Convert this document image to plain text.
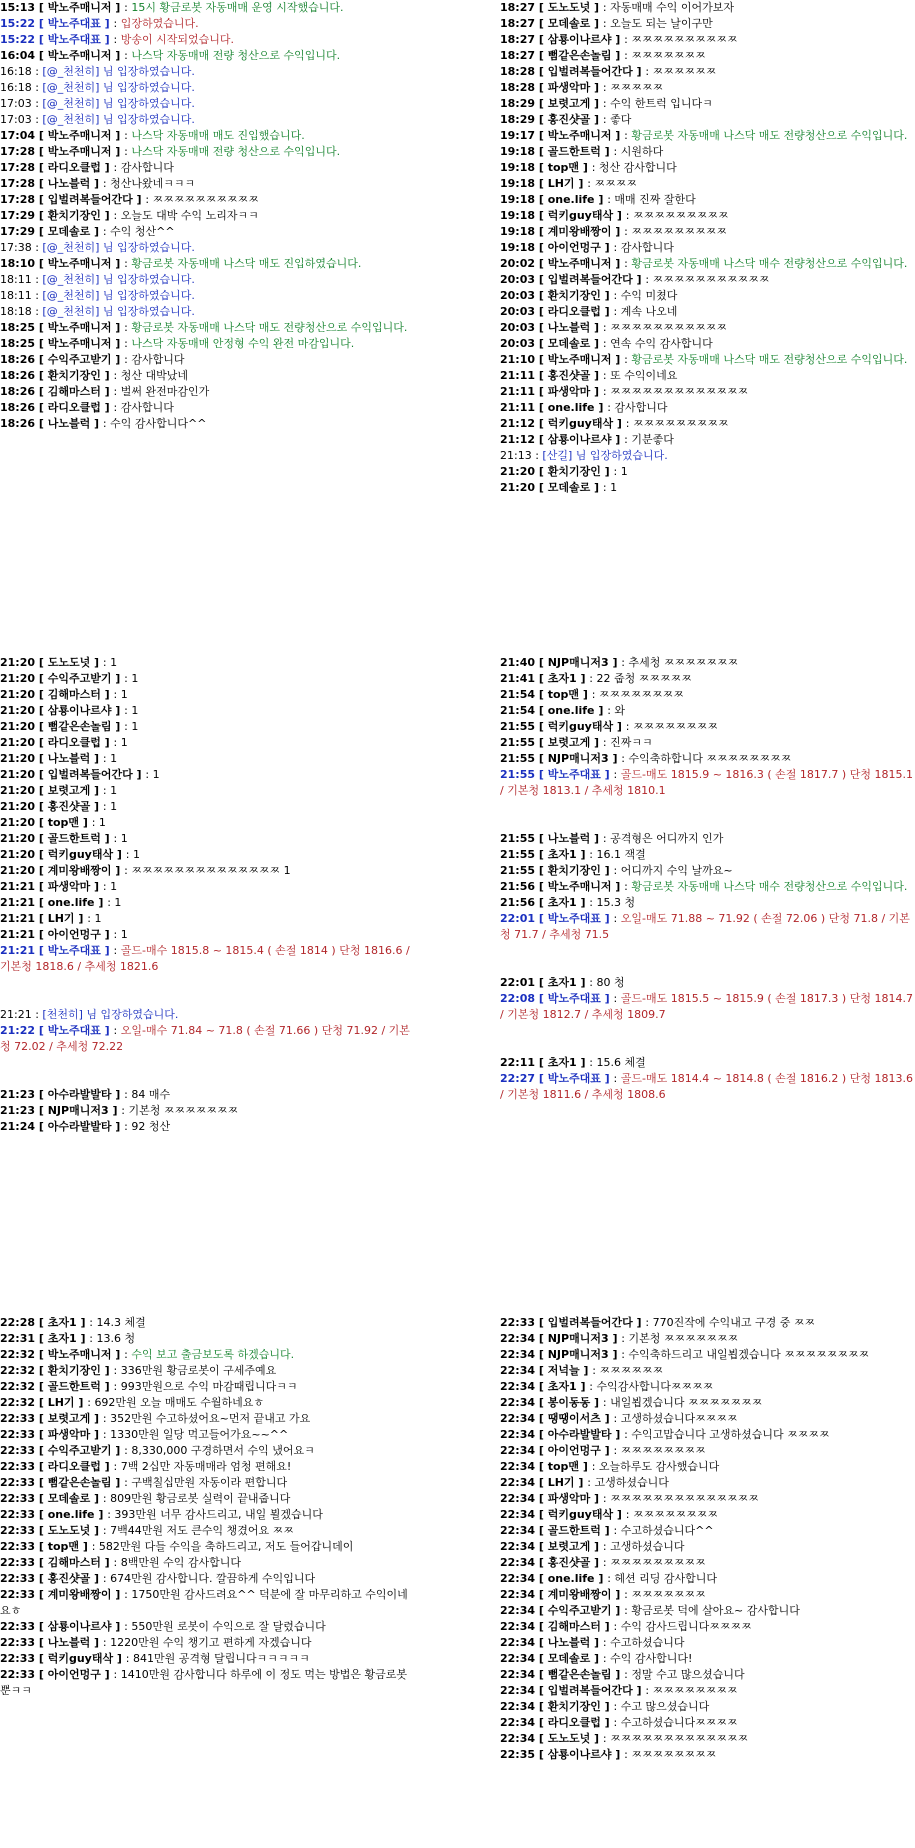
15:13 [ 박노주매니저 ] : 15시 황금로봇 자동매매 운영 시작했습니다.
15:22 [ 박노주대표 ] : 입장하였습니다.
15:22 [ 박노주대표 ] : 방송이 시작되었습니다.
16:04 [ 박노주매니저 ] : 나스닥 자동매매 전량 청산으로 수익입니다.
16:18 : [@_천천히] 님 입장하였습니다.
16:18 : [@_천천히] 님 입장하였습니다.
17:03 : [@_천천히] 님 입장하였습니다.
17:03 : [@_천천히] 님 입장하였습니다.
17:04 [ 박노주매니저 ] : 나스닥 자동매매 매도 진입했습니다.
17:28 [ 박노주매니저 ] : 나스닥 자동매매 전량 청산으로 수익입니다.
17:28 [ 라디오클럽 ] : 감사합니다
17:28 [ 나노블럭 ] : 청산나왔네ㅋㅋㅋ
17:28 [ 입벌려복들어간다 ] : ㅉㅉㅉㅉㅉㅉㅉㅉㅉㅉ
17:29 [ 환치기장인 ] : 오늘도 대박 수익 노리자ㅋㅋ
17:29 [ 모데솔로 ] : 수익 청산^^
17:38 : [@_천천히] 님 입장하였습니다.
18:10 [ 박노주매니저 ] : 황금로봇 자동매매 나스닥 매도 진입하였습니다.
18:11 : [@_천천히] 님 입장하였습니다.
18:11 : [@_천천히] 님 입장하였습니다.
18:18 : [@_천천히] 님 입장하였습니다.
18:25 [ 박노주매니저 ] : 황금로봇 자동매매 나스닥 매도 전량청산으로 수익입니다.
18:25 [ 박노주매니저 ] : 나스닥 자동매매 안정형 수익 완전 마감입니다.
18:26 [ 수익주고받기 ] : 감사합니다
18:26 [ 환치기장인 ] : 청산 대박났네
18:26 [ 김해마스터 ] : 벌써 완전마감인가
18:26 [ 라디오클럽 ] : 감사합니다
18:26 [ 나노블럭 ] : 수익 감사합니다^^
18:27 [ 도노도넛 ] : 자동매매 수익 이어가보자
18:27 [ 모데솔로 ] : 오늘도 되는 날이구만
18:27 [ 삼룡이나르샤 ] : ㅉㅉㅉㅉㅉㅉㅉㅉㅉㅉ
18:27 [ 뻠같은손놀림 ] : ㅉㅉㅉㅉㅉㅉㅉ
18:28 [ 입벌려복들어간다 ] : ㅉㅉㅉㅉㅉㅉ
18:28 [ 파생악마 ] : ㅉㅉㅉㅉㅉ
18:29 [ 보렷고게 ] : 수익 한트럭 입니다ㅋ
18:29 [ 홍진샷골 ] : 좋다
19:17 [ 박노주매니저 ] : 황금로봇 자동매매 나스닥 매도 전량청산으로 수익입니다.
19:18 [ 골드한트럭 ] : 시원하다
19:18 [ top맨 ] : 청산 감사합니다
19:18 [ LH기 ] : ㅉㅉㅉㅉ
19:18 [ one.life ] : 매매 진짜 잘한다
19:18 [ 럭키guy태삭 ] : ㅉㅉㅉㅉㅉㅉㅉㅉㅉ
19:18 [ 계미왕배짱이 ] : ㅉㅉㅉㅉㅉㅉㅉㅉㅉ
19:18 [ 아이언멍구 ] : 감사합니다
20:02 [ 박노주매니저 ] : 황금로봇 자동매매 나스닥 매수 전량청산으로 수익입니다.
20:03 [ 입벌려복들어간다 ] : ㅉㅉㅉㅉㅉㅉㅉㅉㅉㅉㅉ
20:03 [ 환치기장인 ] : 수익 미쳤다
20:03 [ 라디오클럽 ] : 계속 나오네
20:03 [ 나노블럭 ] : ㅉㅉㅉㅉㅉㅉㅉㅉㅉㅉㅉ
20:03 [ 모데솔로 ] : 연속 수익 감사합니다
21:10 [ 박노주매니저 ] : 황금로봇 자동매매 나스닥 매도 전량청산으로 수익입니다.
21:11 [ 홍진샷골 ] : 또 수익이네요
21:11 [ 파생악마 ] : ㅉㅉㅉㅉㅉㅉㅉㅉㅉㅉㅉㅉㅉ
21:11 [ one.life ] : 감사합니다
21:12 [ 럭키guy태삭 ] : ㅉㅉㅉㅉㅉㅉㅉㅉㅉ
21:12 [ 삼룡이나르샤 ] : 기분좋다
21:13 : [산길] 님 입장하였습니다.
21:20 [ 환치기장인 ] : 1
21:20 [ 모데솔로 ] : 1
21:20 [ 도노도넛 ] : 1
21:20 [ 수익주고받기 ] : 1
21:20 [ 김해마스터 ] : 1
21:20 [ 삼룡이나르샤 ] : 1
21:20 [ 뻠같은손놀림 ] : 1
21:20 [ 라디오클럽 ] : 1
21:20 [ 나노블럭 ] : 1
21:20 [ 입벌려복들어간다 ] : 1
21:20 [ 보렷고게 ] : 1
21:20 [ 홍진샷골 ] : 1
21:20 [ top맨 ] : 1
21:20 [ 골드한트럭 ] : 1
21:20 [ 럭키guy태삭 ] : 1
21:20 [ 계미왕배짱이 ] : ㅉㅉㅉㅉㅉㅉㅉㅉㅉㅉㅉㅉㅉㅉ 1
21:21 [ 파생악마 ] : 1
21:21 [ one.life ] : 1
21:21 [ LH기 ] : 1
21:21 [ 아이언멍구 ] : 1
21:21 [ 박노주대표 ] : 골드-매수 1815.8 ~ 1815.4 ( 손절 1814 ) 단청 1816.6 / 기본청 1818.6 / 추세청 1821.6
21:21 : [천천히] 님 입장하였습니다.
21:22 [ 박노주대표 ] : 오일-매수 71.84 ~ 71.8 ( 손절 71.66 ) 단청 71.92 / 기본청 72.02 / 추세청 72.22
21:23 [ 아수라발발타 ] : 84 매수
21:23 [ NJP매니저3 ] : 기본청 ㅉㅉㅉㅉㅉㅉㅉ
21:24 [ 아수라발발타 ] : 92 청산
21:40 [ NJP매니저3 ] : 추세청 ㅉㅉㅉㅉㅉㅉㅉ
21:41 [ 초자1 ] : 22 줍청 ㅉㅉㅉㅉㅉ
21:54 [ top맨 ] : ㅉㅉㅉㅉㅉㅉㅉㅉ
21:54 [ one.life ] : 와
21:55 [ 럭키guy태삭 ] : ㅉㅉㅉㅉㅉㅉㅉㅉ
21:55 [ 보렷고게 ] : 진짜ㅋㅋ
21:55 [ NJP매니저3 ] : 수익축하합니다 ㅉㅉㅉㅉㅉㅉㅉㅉ
21:55 [ 박노주대표 ] : 골드-매도 1815.9 ~ 1816.3 ( 손절 1817.7 ) 단청 1815.1 / 기본청 1813.1 / 추세청 1810.1
21:55 [ 나노블럭 ] : 공격형은 어디까지 인가
21:55 [ 초자1 ] : 16.1 잭결
21:55 [ 환치기장인 ] : 어디까지 수익 날까요~
21:56 [ 박노주매니저 ] : 황금로봇 자동매매 나스닥 매수 전량청산으로 수익입니다.
21:56 [ 초자1 ] : 15.3 청
22:01 [ 박노주대표 ] : 오일-매도 71.88 ~ 71.92 ( 손절 72.06 ) 단청 71.8 / 기본청 71.7 / 추세청 71.5
22:01 [ 초자1 ] : 80 청
22:08 [ 박노주대표 ] : 골드-매도 1815.5 ~ 1815.9 ( 손절 1817.3 ) 단청 1814.7 / 기본청 1812.7 / 추세청 1809.7
22:11 [ 초자1 ] : 15.6 체결
22:27 [ 박노주대표 ] : 골드-매도 1814.4 ~ 1814.8 ( 손절 1816.2 ) 단청 1813.6 / 기본청 1811.6 / 추세청 1808.6
22:28 [ 초자1 ] : 14.3 체결
22:31 [ 초자1 ] : 13.6 청
22:32 [ 박노주매니저 ] : 수익 보고 출금보도록 하겠습니다.
22:32 [ 환치기장인 ] : 336만원 황금로봇이 구세주예요
22:32 [ 골드한트럭 ] : 993만원으로 수익 마감때립니다ㅋㅋ
22:32 [ LH기 ] : 692만원 오늘 매매도 수월하네요ㅎ
22:33 [ 보렷고게 ] : 352만원 수고하셨어요~먼저 끝내고 가요
22:33 [ 파생악마 ] : 1330만원 일당 먹고들어가요~~^^
22:33 [ 수익주고받기 ] : 8,330,000 구경하면서 수익 냈어요ㅋ
22:33 [ 라디오클럽 ] : 7백 2십만 자동매매라 엄청 편해요!
22:33 [ 뻠같은손놀림 ] : 구백칠십만원 자동이라 편합니다
22:33 [ 모데솔로 ] : 809만원 황금로봇 실력이 끝내줍니다
22:33 [ one.life ] : 393만원 너무 감사드리고, 내일 뵐겠습니다
22:33 [ 도노도넛 ] : 7백44만원 저도 큰수익 챙겼어요 ㅉㅉ
22:33 [ top맨 ] : 582만원 다들 수익을 축하드리고, 저도 들어갑니데이
22:33 [ 김해마스터 ] : 8백만원 수익 감사합니다
22:33 [ 홍진샷골 ] : 674만원 감사합니다. 깔끔하게 수익입니다
22:33 [ 계미왕배짱이 ] : 1750만원 감사드려요^^ 덕분에 잘 마무리하고 수익이네요ㅎ
22:33 [ 삼룡이나르샤 ] : 550만원 로봇이 수익으로 잘 달렸습니다
22:33 [ 나노블럭 ] : 1220만원 수익 챙기고 편하게 자겠습니다
22:33 [ 럭키guy태삭 ] : 841만원 공격형 달립니다ㅋㅋㅋㅋㅋ
22:33 [ 아이언멍구 ] : 1410만원 감사합니다 하루에 이 정도 먹는 방법은 황금로봇 뿐ㅋㅋ
22:33 [ 입벌려복들어간다 ] : 770진작에 수익내고 구경 중 ㅉㅉ
22:34 [ NJP매니저3 ] : 기본청 ㅉㅉㅉㅉㅉㅉㅉ
22:34 [ NJP매니저3 ] : 수익축하드리고 내일뵙겠습니다 ㅉㅉㅉㅉㅉㅉㅉㅉ
22:34 [ 저넉늘 ] : ㅉㅉㅉㅉㅉㅉ
22:34 [ 초자1 ] : 수익감사합니다ㅉㅉㅉㅉ
22:34 [ 봉이동동 ] : 내일뵙겠습니다 ㅉㅉㅉㅉㅉㅉㅉ
22:34 [ 땡땡이서츠 ] : 고생하셨습니다ㅉㅉㅉㅉ
22:34 [ 아수라발발타 ] : 수익고맙습니다 고생하셨습니다 ㅉㅉㅉㅉ
22:34 [ 아이언멍구 ] : ㅉㅉㅉㅉㅉㅉㅉㅉ
22:34 [ top맨 ] : 오늘하루도 감사했습니다
22:34 [ LH기 ] : 고생하셨습니다
22:34 [ 파생악마 ] : ㅉㅉㅉㅉㅉㅉㅉㅉㅉㅉㅉㅉㅉㅉ
22:34 [ 럭키guy태삭 ] : ㅉㅉㅉㅉㅉㅉㅉㅉ
22:34 [ 골드한트럭 ] : 수고하셨습니다^^
22:34 [ 보렷고게 ] : 고생하셨습니다
22:34 [ 홍진샷골 ] : ㅉㅉㅉㅉㅉㅉㅉㅉㅉ
22:34 [ one.life ] : 헤션 리딩 감사합니다
22:34 [ 계미왕배짱이 ] : ㅉㅉㅉㅉㅉㅉㅉ
22:34 [ 수익주고받기 ] : 황금로봇 덕에 살아요~ 감사합니다
22:34 [ 김해마스터 ] : 수익 감사드립니다ㅉㅉㅉㅉ
22:34 [ 나노블럭 ] : 수고하셨습니다
22:34 [ 모데솔로 ] : 수익 감사합니다!
22:34 [ 뻠같은손놀림 ] : 정말 수고 많으셨습니다
22:34 [ 입벌려복들어간다 ] : ㅉㅉㅉㅉㅉㅉㅉㅉ
22:34 [ 환치기장인 ] : 수고 많으셨습니다
22:34 [ 라디오클럽 ] : 수고하셨습니다ㅉㅉㅉㅉ
22:34 [ 도노도넛 ] : ㅉㅉㅉㅉㅉㅉㅉㅉㅉㅉㅉㅉㅉ
22:35 [ 삼룡이나르샤 ] : ㅉㅉㅉㅉㅉㅉㅉㅉ
